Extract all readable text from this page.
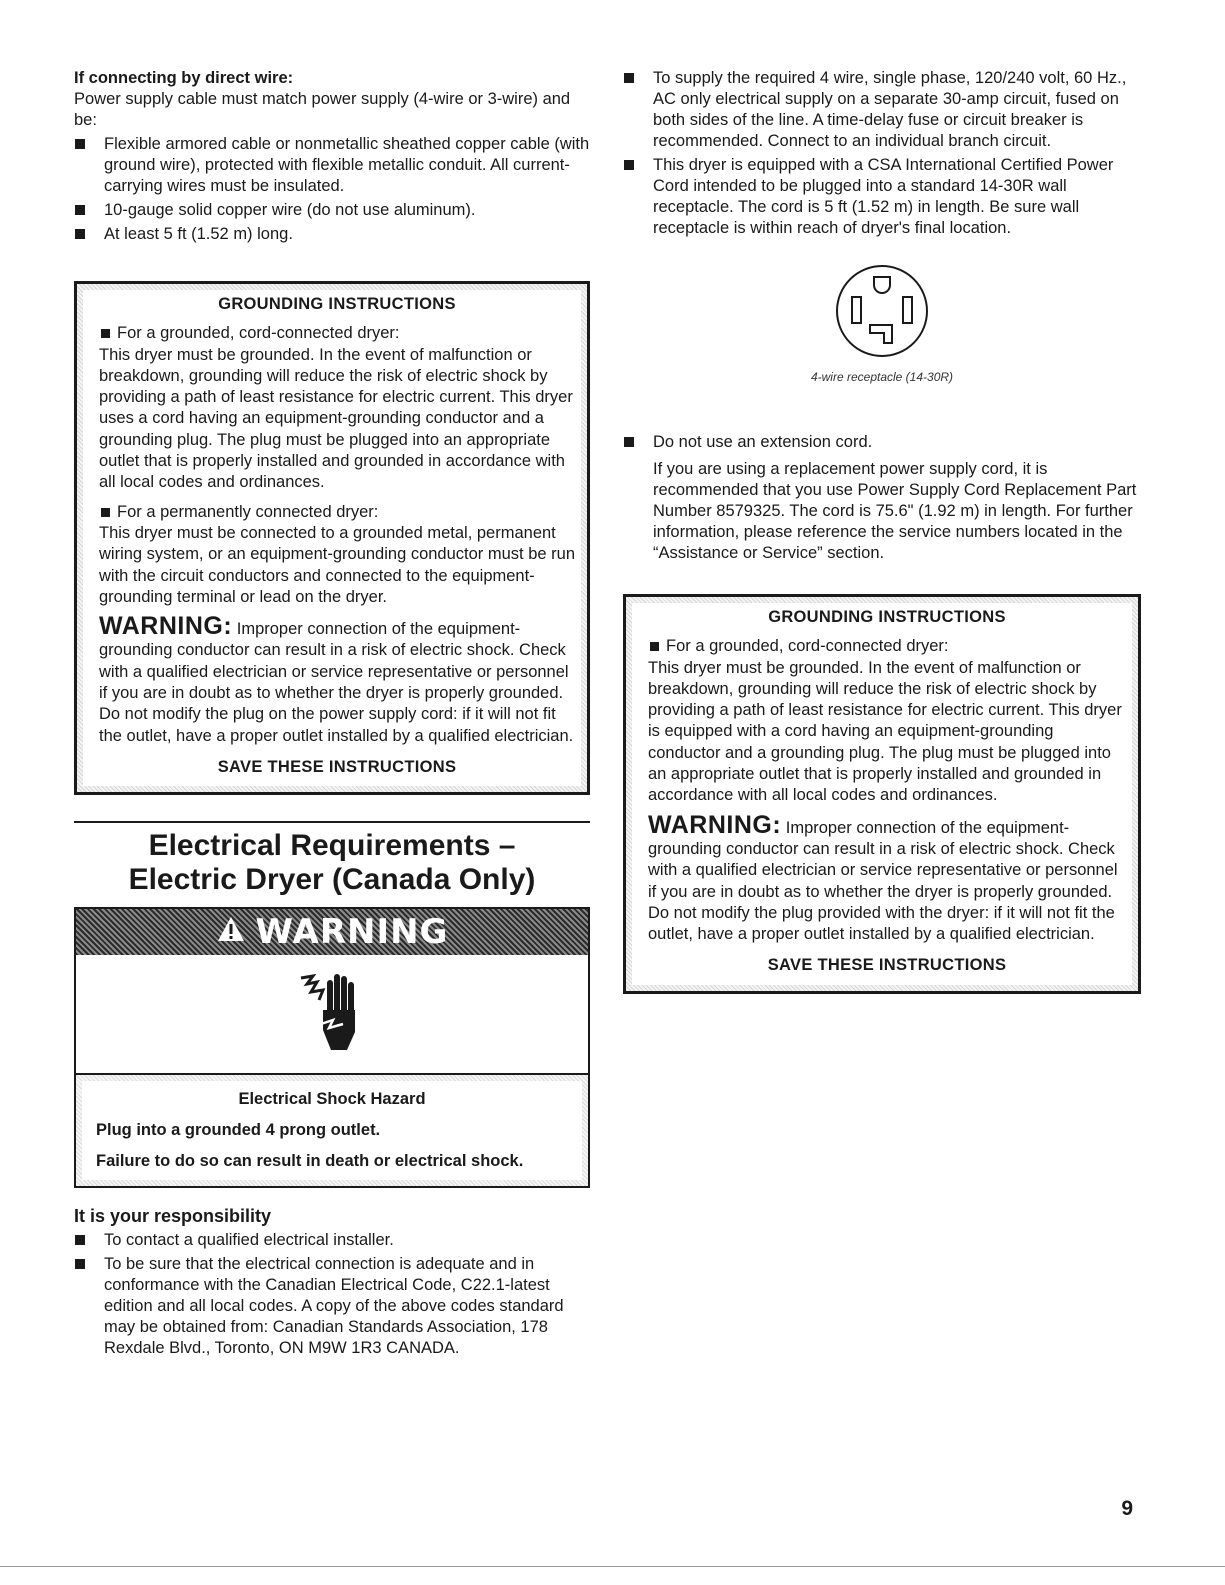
If connecting by direct wire:

Power supply cable must match power supply (4-wire or 3-wire) and be:

Flexible armored cable or nonmetallic sheathed copper cable (with ground wire), protected with flexible metallic conduit. All current-carrying wires must be insulated.
10-gauge solid copper wire (do not use aluminum).
At least 5 ft (1.52 m) long.

GROUNDING INSTRUCTIONS

For a grounded, cord-connected dryer:

This dryer must be grounded. In the event of malfunction or breakdown, grounding will reduce the risk of electric shock by providing a path of least resistance for electric current. This dryer uses a cord having an equipment-grounding conductor and a grounding plug. The plug must be plugged into an appropriate outlet that is properly installed and grounded in accordance with all local codes and ordinances.

For a permanently connected dryer:

This dryer must be connected to a grounded metal, permanent wiring system, or an equipment-grounding conductor must be run with the circuit conductors and connected to the equipment-grounding terminal or lead on the dryer.

WARNING: Improper connection of the equipment-grounding conductor can result in a risk of electric shock. Check with a qualified electrician or service representative or personnel if you are in doubt as to whether the dryer is properly grounded. Do not modify the plug on the power supply cord: if it will not fit the outlet, have a proper outlet installed by a qualified electrician.

SAVE THESE INSTRUCTIONS

Electrical Requirements –
Electric Dryer (Canada Only)
WARNING

Electrical Shock Hazard

Plug into a grounded 4 prong outlet.

Failure to do so can result in death or electrical shock.

It is your responsibility

To contact a qualified electrical installer.
To be sure that the electrical connection is adequate and in conformance with the Canadian Electrical Code, C22.1-latest edition and all local codes. A copy of the above codes standard may be obtained from: Canadian Standards Association, 178 Rexdale Blvd., Toronto, ON M9W 1R3 CANADA.
To supply the required 4 wire, single phase, 120/240 volt, 60 Hz., AC only electrical supply on a separate 30-amp circuit, fused on both sides of the line. A time-delay fuse or circuit breaker is recommended. Connect to an individual branch circuit.
This dryer is equipped with a CSA International Certified Power Cord intended to be plugged into a standard 14-30R wall receptacle. The cord is 5 ft (1.52 m) in length. Be sure wall receptacle is within reach of dryer's final location.
4-wire receptacle (14-30R)
Do not use an extension cord.

If you are using a replacement power supply cord, it is recommended that you use Power Supply Cord Replacement Part Number 8579325. The cord is 75.6" (1.92 m) in length. For further information, please reference the service numbers located in the “Assistance or Service” section.

GROUNDING INSTRUCTIONS

For a grounded, cord-connected dryer:

This dryer must be grounded. In the event of malfunction or breakdown, grounding will reduce the risk of electric shock by providing a path of least resistance for electric current. This dryer is equipped with a cord having an equipment-grounding conductor and a grounding plug. The plug must be plugged into an appropriate outlet that is properly installed and grounded in accordance with all local codes and ordinances.

WARNING: Improper connection of the equipment-grounding conductor can result in a risk of electric shock. Check with a qualified electrician or service representative or personnel if you are in doubt as to whether the dryer is properly grounded. Do not modify the plug provided with the dryer: if it will not fit the outlet, have a proper outlet installed by a qualified electrician.

SAVE THESE INSTRUCTIONS

9
